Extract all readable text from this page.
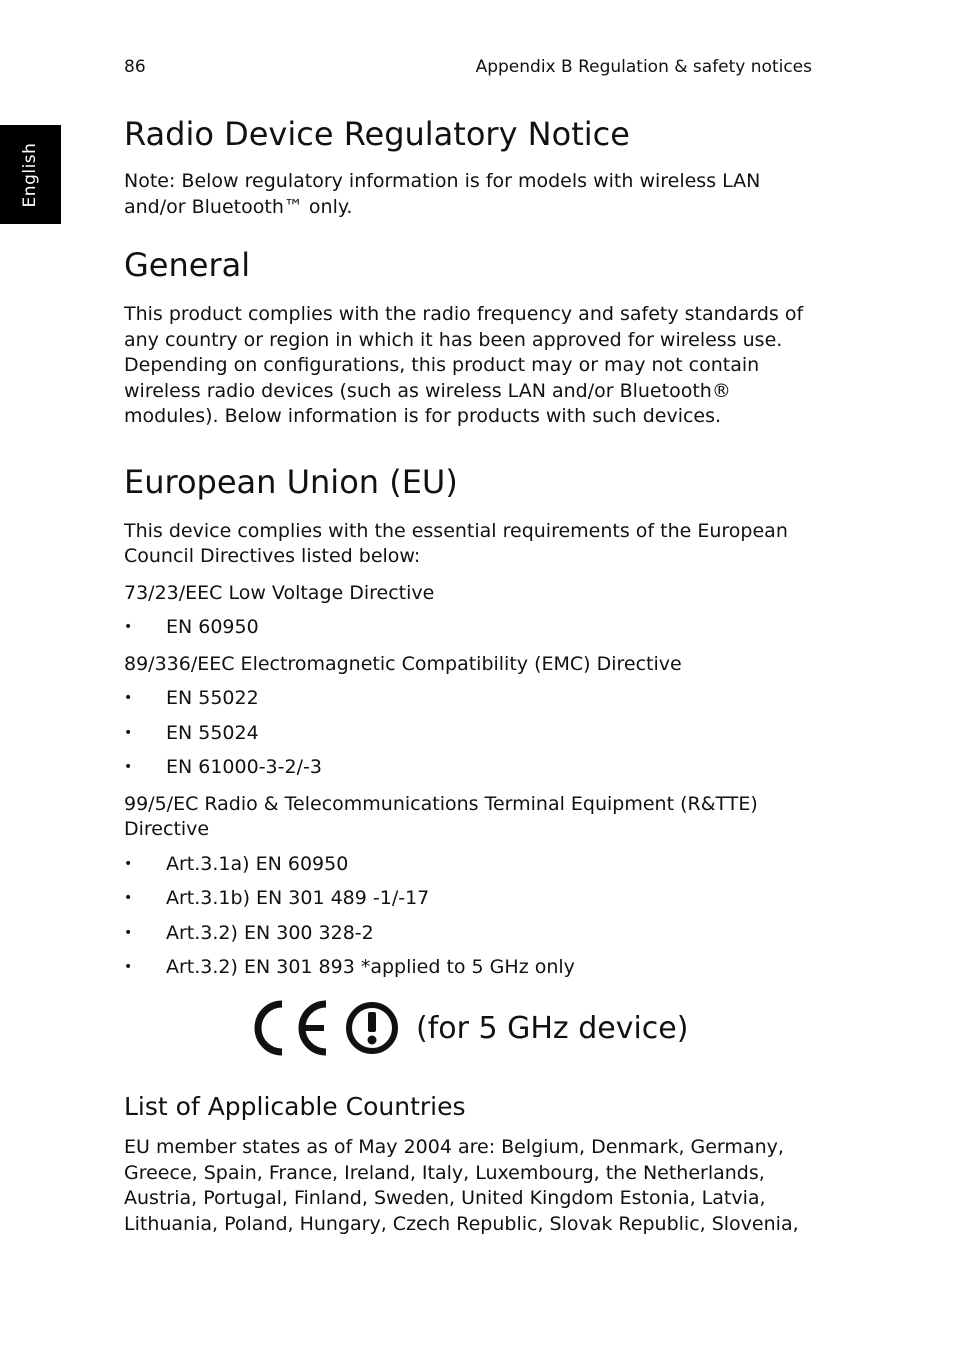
86	Appendix B Regulation & safety notices
English
Radio Device Regulatory Notice

Note: Below regulatory information is for models with wireless LAN and/or Bluetooth™ only.

General

This product complies with the radio frequency and safety standards of any country or region in which it has been approved for wireless use. Depending on configurations, this product may or may not contain wireless radio devices (such as wireless LAN and/or Bluetooth® modules). Below information is for products with such devices.

European Union (EU)

This device complies with the essential requirements of the European Council Directives listed below:

73/23/EEC Low Voltage Directive

• EN 60950

89/336/EEC Electromagnetic Compatibility (EMC) Directive

• EN 55022
• EN 55024
• EN 61000-3-2/-3

99/5/EC Radio & Telecommunications Terminal Equipment (R&TTE) Directive

• Art.3.1a) EN 60950
• Art.3.1b) EN 301 489 -1/-17
• Art.3.2) EN 300 328-2
• Art.3.2) EN 301 893 *applied to 5 GHz only
(for 5 GHz device)
List of Applicable Countries

EU member states as of May 2004 are: Belgium, Denmark, Germany, Greece, Spain, France, Ireland, Italy, Luxembourg, the Netherlands, Austria, Portugal, Finland, Sweden, United Kingdom Estonia, Latvia, Lithuania, Poland, Hungary, Czech Republic, Slovak Republic, Slovenia,
